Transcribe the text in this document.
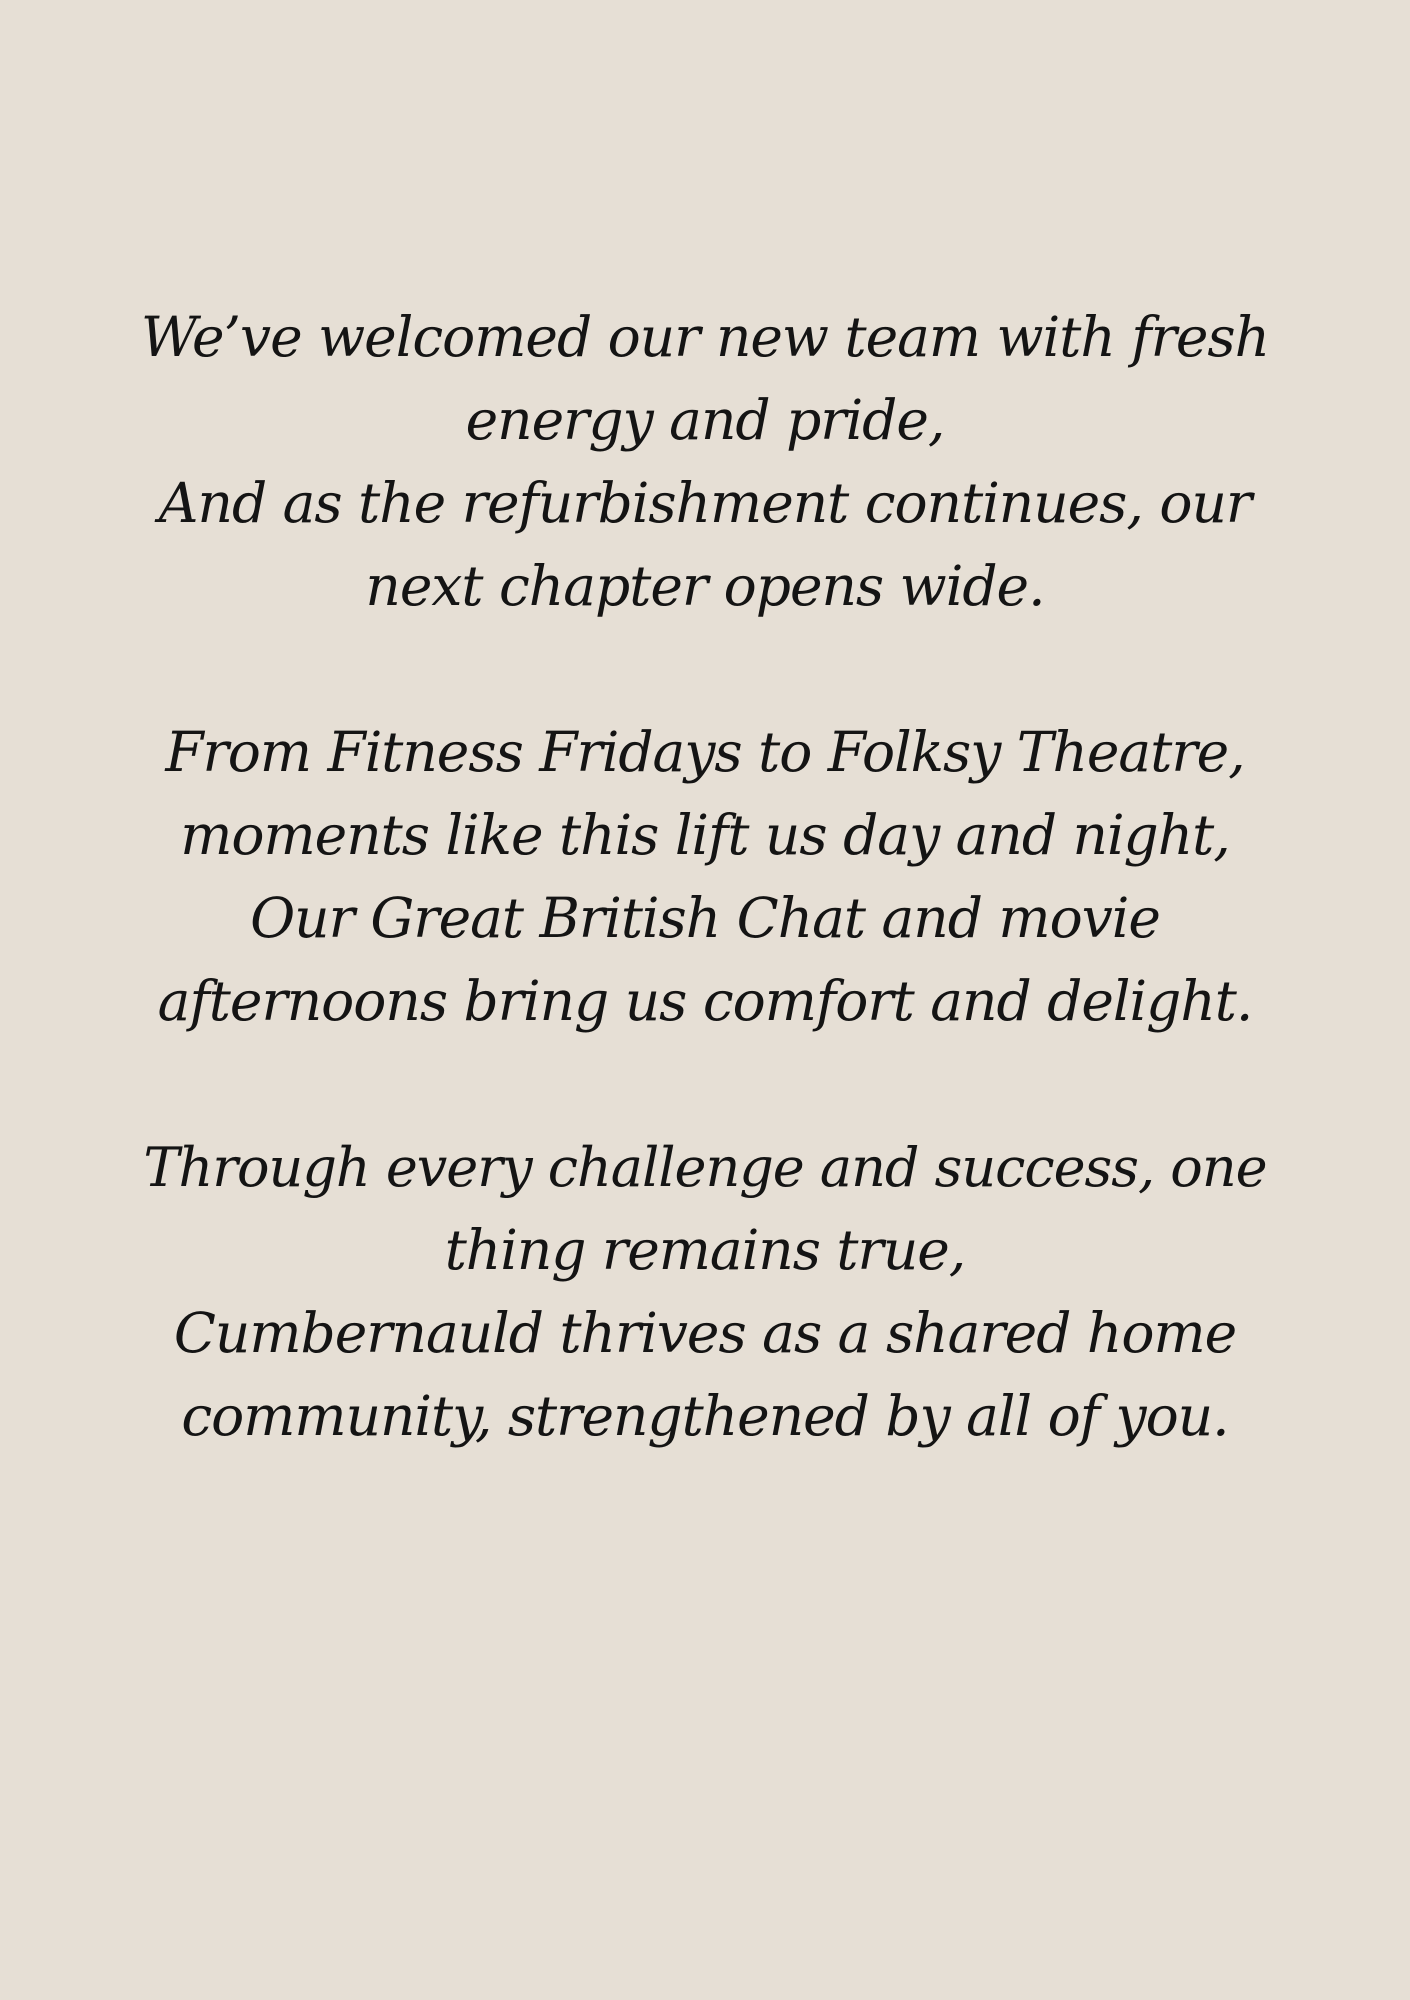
We’ve welcomed our new team with fresh
energy and pride,
And as the refurbishment continues, our
next chapter opens wide.
From Fitness Fridays to Folksy Theatre,
moments like this lift us day and night,
Our Great British Chat and movie
afternoons bring us comfort and delight.
Through every challenge and success, one
thing remains true,
Cumbernauld thrives as a shared home
community, strengthened by all of you.
